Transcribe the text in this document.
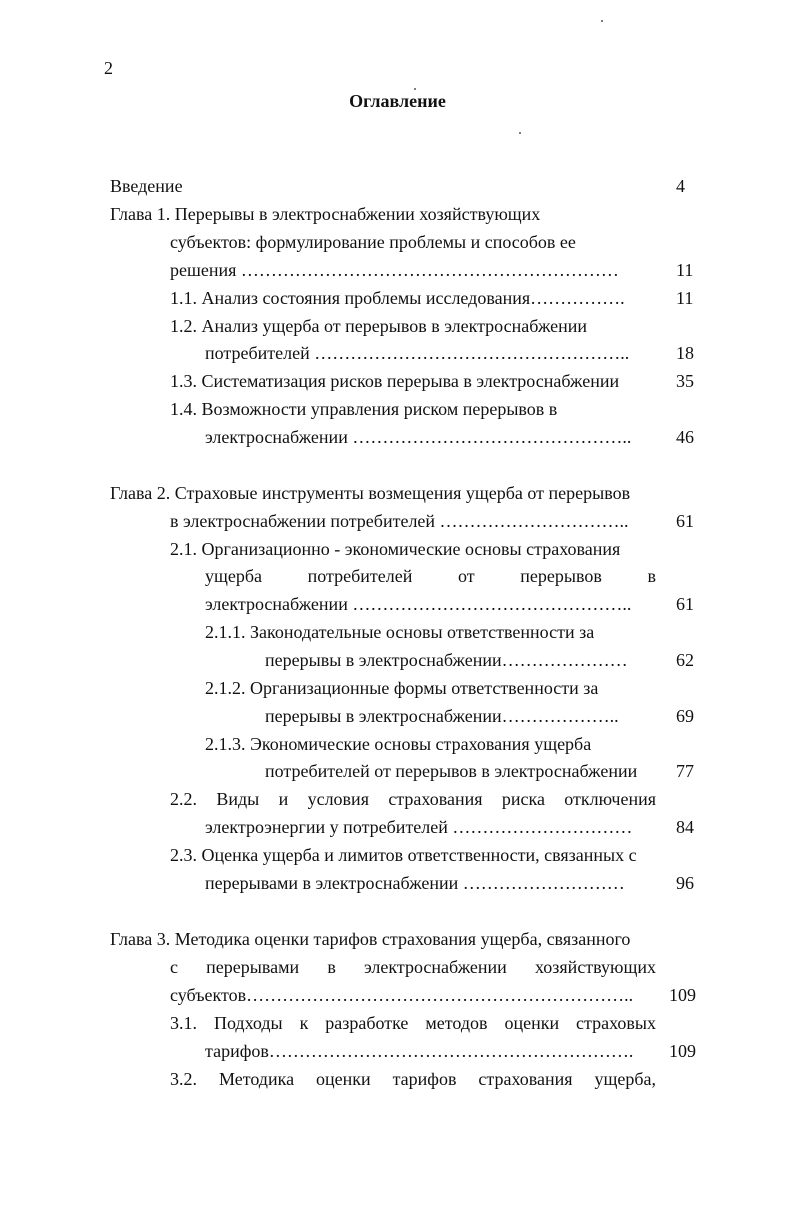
2
Оглавление
Введение	4
Глава 1. Перерывы в электроснабжении хозяйствующих
субъектов: формулирование проблемы и способов ее
решения ………………………………………………………	11
1.1. Анализ состояния проблемы исследования…………….	11
1.2. Анализ ущерба от перерывов в электроснабжении
потребителей ……………………………………………..	18
1.3. Систематизация рисков перерыва в электроснабжении	35
1.4. Возможности управления риском перерывов в
электроснабжении ……………………………………….. 46
Глава 2. Страховые инструменты возмещения ущерба от перерывов
в электроснабжении потребителей …………………………..	61
2.1. Организационно - экономические основы страхования
ущерба потребителей от перерывов в
электроснабжении ……………………………………….. 61
2.1.1. Законодательные основы ответственности за
перерывы в электроснабжении…………………	62
2.1.2. Организационные формы ответственности за
перерывы в электроснабжении………………..	69
2.1.3. Экономические основы страхования ущерба
потребителей от перерывов в электроснабжении 77
2.2. Виды и условия страхования риска отключения
электроэнергии у потребителей ………………………… 84
2.3. Оценка ущерба и лимитов ответственности, связанных с
перерывами в электроснабжении ………………………	96
Глава 3. Методика оценки тарифов страхования ущерба, связанного
с перерывами в электроснабжении хозяйствующих
субъектов……………………………………………………….. 109
3.1. Подходы к разработке методов оценки страховых
тарифов……………………………………………………. 109
3.2. Методика оценки тарифов страхования ущерба,
